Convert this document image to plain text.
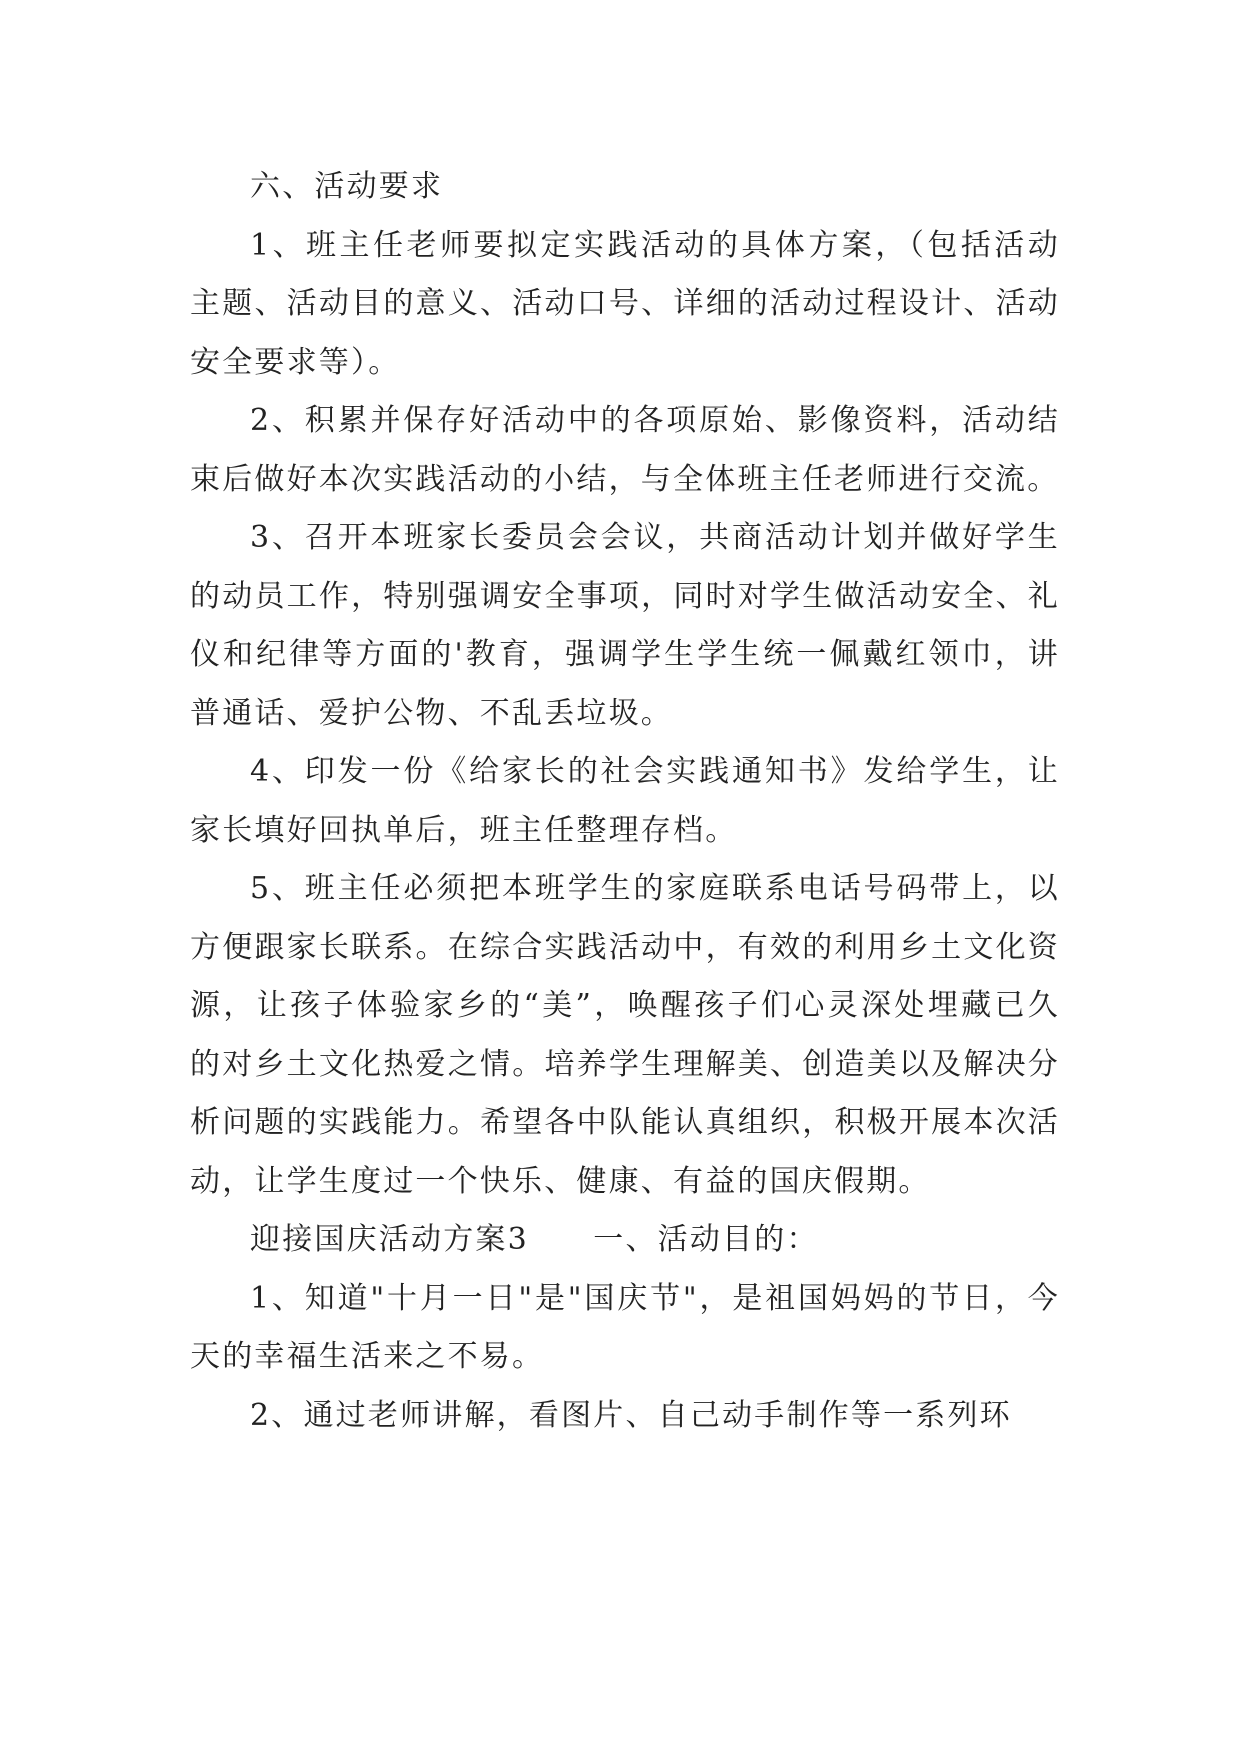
六、活动要求

1、班主任老师要拟定实践活动的具体方案，（包括活动主题、活动目的意义、活动口号、详细的活动过程设计、活动安全要求等）。

2、积累并保存好活动中的各项原始、影像资料，活动结束后做好本次实践活动的小结，与全体班主任老师进行交流。

3、召开本班家长委员会会议，共商活动计划并做好学生的动员工作，特别强调安全事项，同时对学生做活动安全、礼仪和纪律等方面的'教育，强调学生学生统一佩戴红领巾，讲普通话、爱护公物、不乱丢垃圾。

4、印发一份《给家长的社会实践通知书》发给学生，让家长填好回执单后，班主任整理存档。

5、班主任必须把本班学生的家庭联系电话号码带上，以方便跟家长联系。在综合实践活动中，有效的利用乡土文化资源，让孩子体验家乡的“美”，唤醒孩子们心灵深处埋藏已久的对乡土文化热爱之情。培养学生理解美、创造美以及解决分析问题的实践能力。希望各中队能认真组织，积极开展本次活动，让学生度过一个快乐、健康、有益的国庆假期。

迎接国庆活动方案3　　一、活动目的：

1、知道"十月一日"是"国庆节"，是祖国妈妈的节日，今天的幸福生活来之不易。

2、通过老师讲解，看图片、自己动手制作等一系列环
